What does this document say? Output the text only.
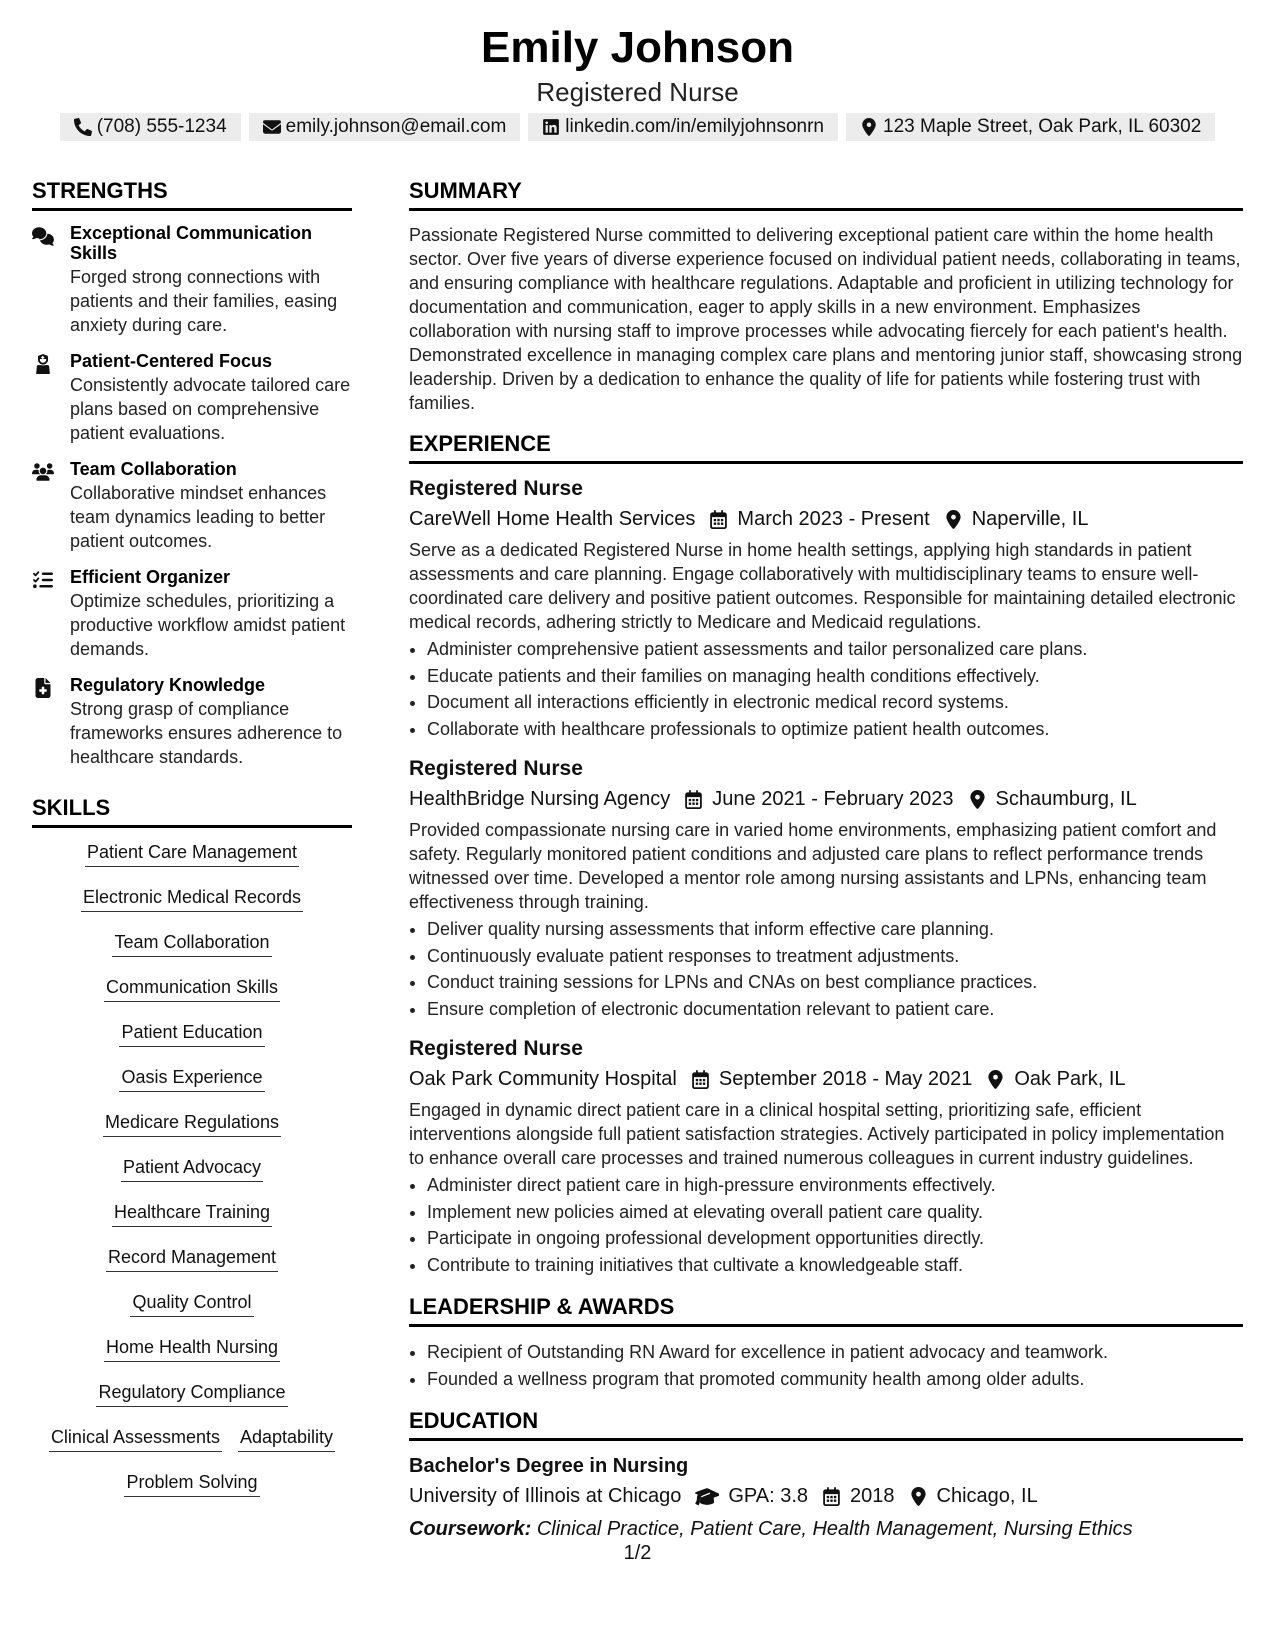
Emily Johnson
Registered Nurse
(708) 555-1234	emily.johnson@email.com	linkedin.com/in/emilyjohnsonrn	123 Maple Street, Oak Park, IL 60302
STRENGTHS
Exceptional Communication Skills
Forged strong connections with patients and their families, easing anxiety during care.
Patient-Centered Focus
Consistently advocate tailored care plans based on comprehensive patient evaluations.
Team Collaboration
Collaborative mindset enhances team dynamics leading to better patient outcomes.
Efficient Organizer
Optimize schedules, prioritizing a productive workflow amidst patient demands.
Regulatory Knowledge
Strong grasp of compliance frameworks ensures adherence to healthcare standards.
SKILLS
Patient Care Management
Electronic Medical Records
Team Collaboration
Communication Skills
Patient Education
Oasis Experience
Medicare Regulations
Patient Advocacy
Healthcare Training
Record Management
Quality Control
Home Health Nursing
Regulatory Compliance
Clinical Assessments Adaptability
Problem Solving
SUMMARY
Passionate Registered Nurse committed to delivering exceptional patient care within the home health sector. Over five years of diverse experience focused on individual patient needs, collaborating in teams, and ensuring compliance with healthcare regulations. Adaptable and proficient in utilizing technology for documentation and communication, eager to apply skills in a new environment. Emphasizes collaboration with nursing staff to improve processes while advocating fiercely for each patient's health. Demonstrated excellence in managing complex care plans and mentoring junior staff, showcasing strong leadership. Driven by a dedication to enhance the quality of life for patients while fostering trust with families.
EXPERIENCE
Registered Nurse
CareWell Home Health Services March 2023 - Present Naperville, IL
Serve as a dedicated Registered Nurse in home health settings, applying high standards in patient assessments and care planning. Engage collaboratively with multidisciplinary teams to ensure well-coordinated care delivery and positive patient outcomes. Responsible for maintaining detailed electronic medical records, adhering strictly to Medicare and Medicaid regulations.
• Administer comprehensive patient assessments and tailor personalized care plans.
• Educate patients and their families on managing health conditions effectively.
• Document all interactions efficiently in electronic medical record systems.
• Collaborate with healthcare professionals to optimize patient health outcomes.
Registered Nurse
HealthBridge Nursing Agency June 2021 - February 2023 Schaumburg, IL
Provided compassionate nursing care in varied home environments, emphasizing patient comfort and safety. Regularly monitored patient conditions and adjusted care plans to reflect performance trends witnessed over time. Developed a mentor role among nursing assistants and LPNs, enhancing team effectiveness through training.
• Deliver quality nursing assessments that inform effective care planning.
• Continuously evaluate patient responses to treatment adjustments.
• Conduct training sessions for LPNs and CNAs on best compliance practices.
• Ensure completion of electronic documentation relevant to patient care.
Registered Nurse
Oak Park Community Hospital September 2018 - May 2021 Oak Park, IL
Engaged in dynamic direct patient care in a clinical hospital setting, prioritizing safe, efficient interventions alongside full patient satisfaction strategies. Actively participated in policy implementation to enhance overall care processes and trained numerous colleagues in current industry guidelines.
• Administer direct patient care in high-pressure environments effectively.
• Implement new policies aimed at elevating overall patient care quality.
• Participate in ongoing professional development opportunities directly.
• Contribute to training initiatives that cultivate a knowledgeable staff.
LEADERSHIP & AWARDS
• Recipient of Outstanding RN Award for excellence in patient advocacy and teamwork.
• Founded a wellness program that promoted community health among older adults.
EDUCATION
Bachelor's Degree in Nursing
University of Illinois at Chicago GPA: 3.8 2018 Chicago, IL
Coursework: Clinical Practice, Patient Care, Health Management, Nursing Ethics
1/2
